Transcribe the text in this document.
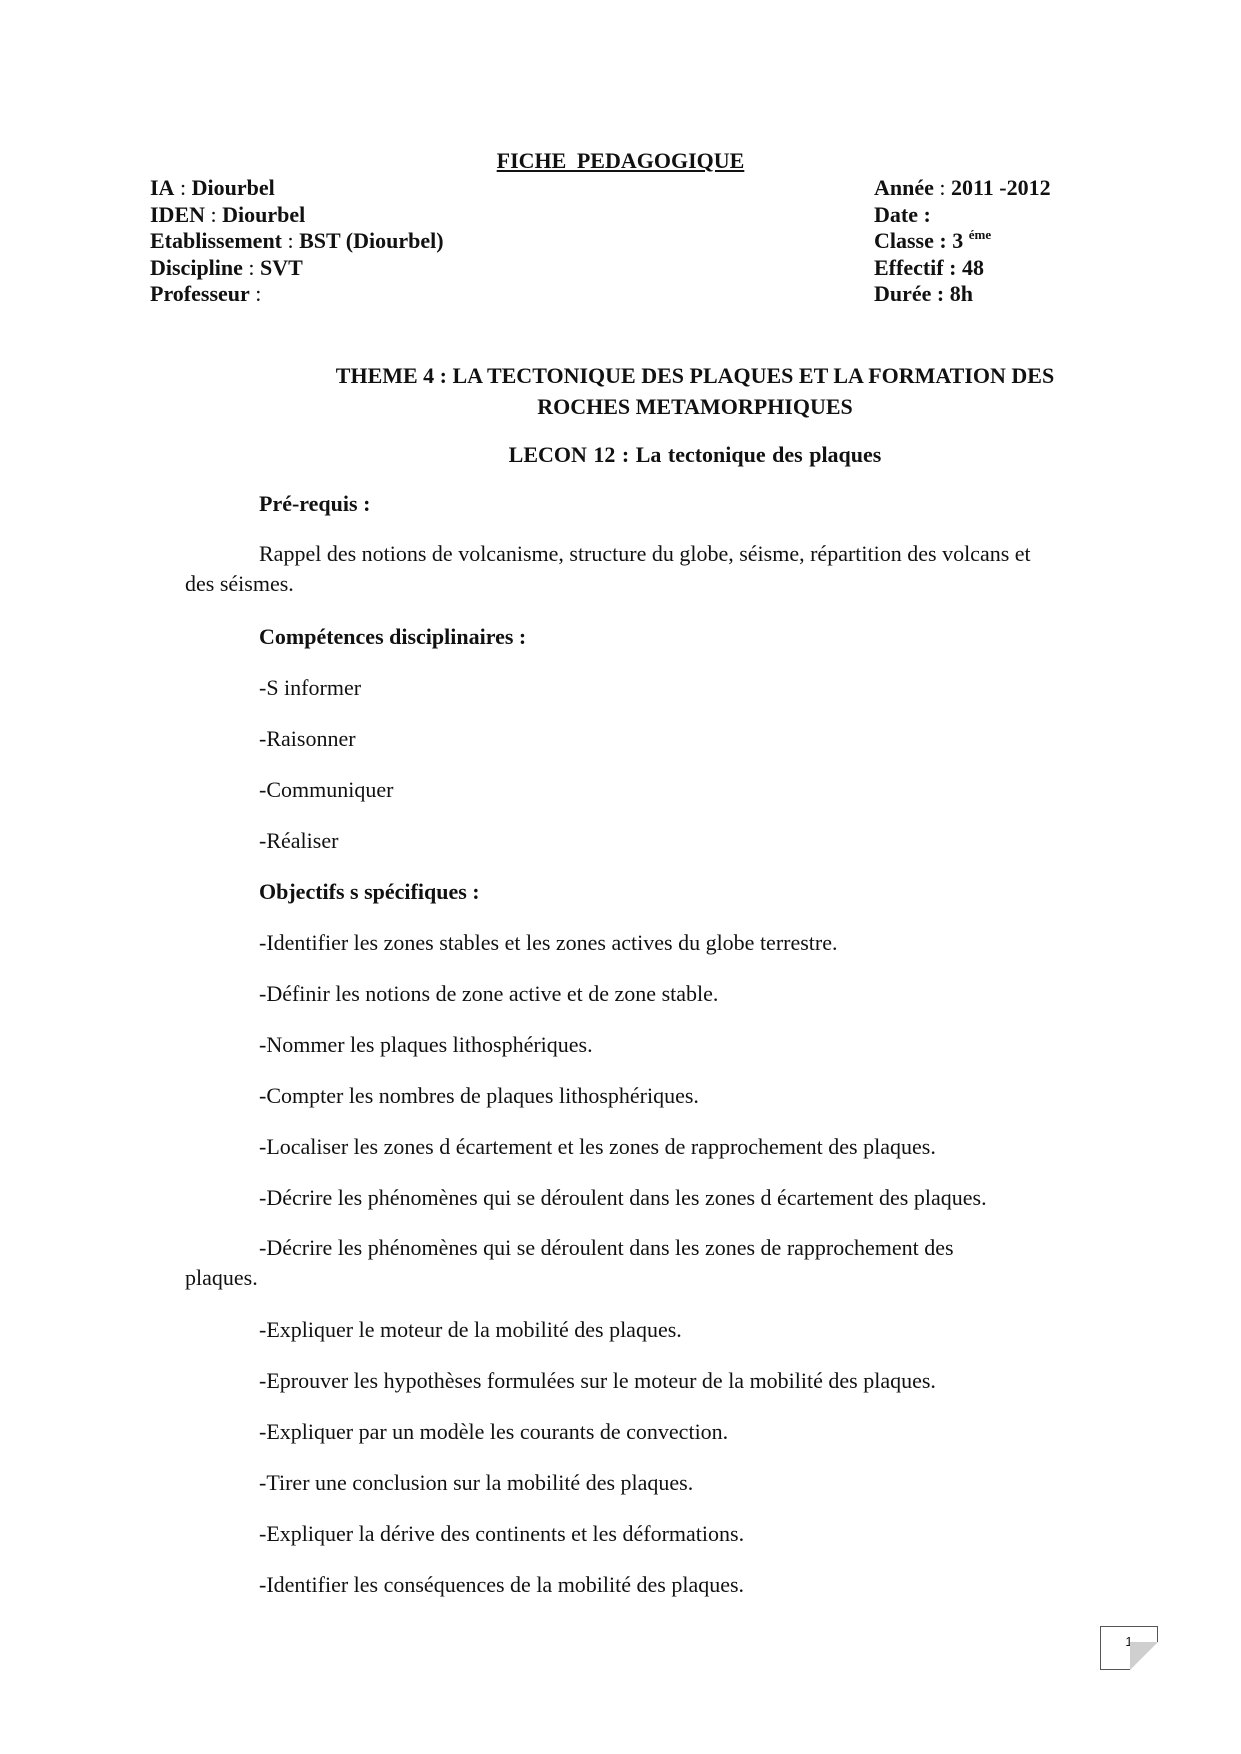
FICHE PEDAGOGIQUE
IA : Diourbel
IDEN : Diourbel
Etablissement : BST (Diourbel)
Discipline : SVT
Professeur :
Année : 2011 -2012
Date :
Classe : 3 $^{éme}$
Effectif : 48
Durée : 8h
THEME 4 : LA TECTONIQUE DES PLAQUES ET LA FORMATION DES
ROCHES METAMORPHIQUES
LECON 12 : La tectonique des plaques
Pré-requis :
Rappel des notions de volcanisme, structure du globe, séisme, répartition des volcans et des séismes.
Compétences disciplinaires :
-S informer
-Raisonner
-Communiquer
-Réaliser
Objectifs s spécifiques :
-Identifier les zones stables et les zones actives du globe terrestre.
-Définir les notions de zone active et de zone stable.
-Nommer les plaques lithosphériques.
-Compter les nombres de plaques lithosphériques.
-Localiser les zones d écartement et les zones de rapprochement des plaques.
-Décrire les phénomènes qui se déroulent dans les zones d écartement des plaques.
-Décrire les phénomènes qui se déroulent dans les zones de rapprochement des plaques.
-Expliquer le moteur de la mobilité des plaques.
-Eprouver les hypothèses formulées sur le moteur de la mobilité des plaques.
-Expliquer par un modèle les courants de convection.
-Tirer une conclusion sur la mobilité des plaques.
-Expliquer la dérive des continents et les déformations.
-Identifier les conséquences de la mobilité des plaques.
1
